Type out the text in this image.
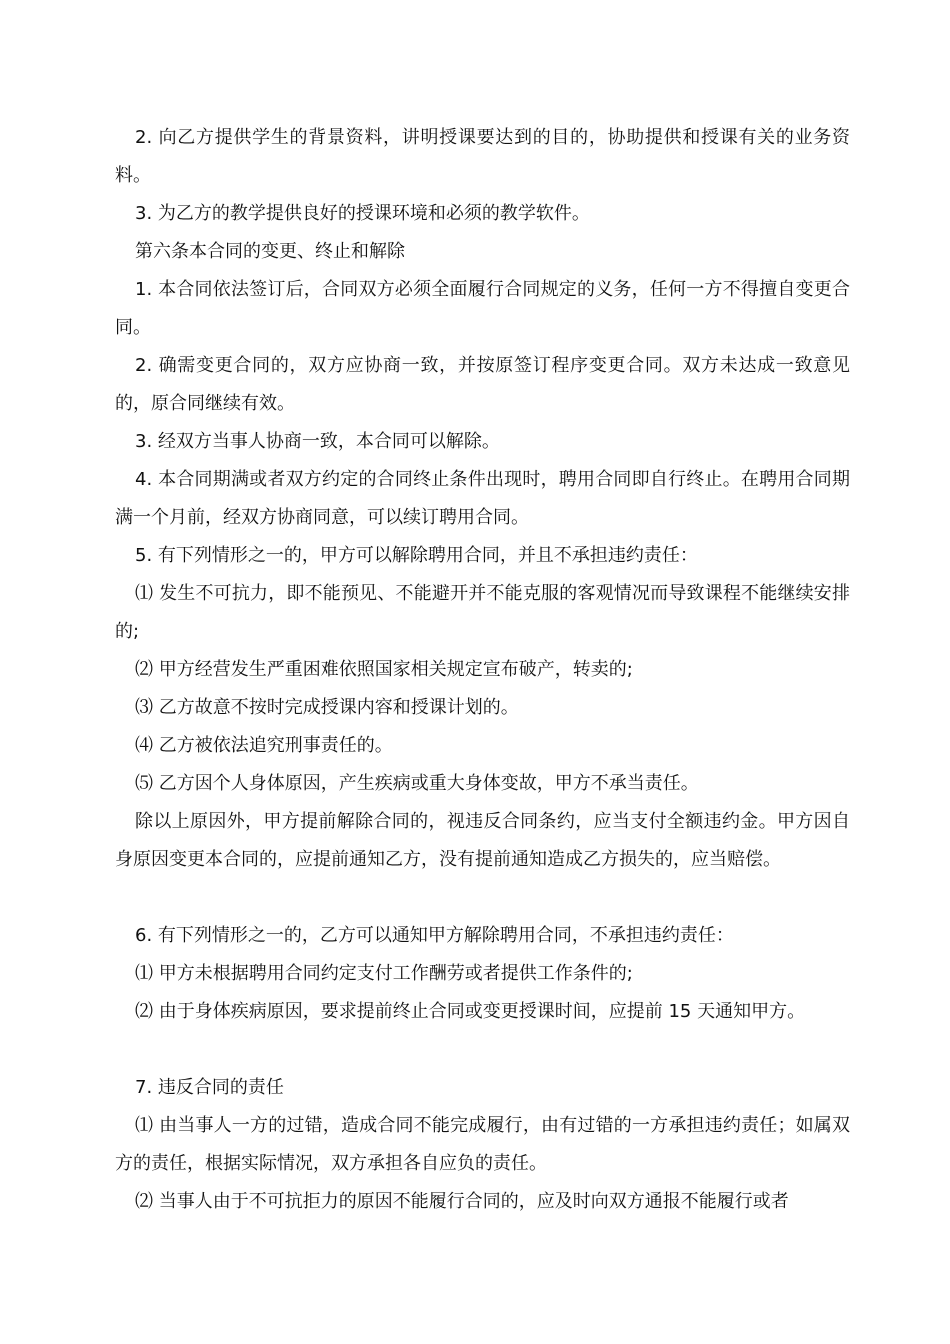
2. 向乙方提供学生的背景资料，讲明授课要达到的目的，协助提供和授课有关的业务资料。

3. 为乙方的教学提供良好的授课环境和必须的教学软件。

第六条本合同的变更、终止和解除

1. 本合同依法签订后，合同双方必须全面履行合同规定的义务，任何一方不得擅自变更合同。

2. 确需变更合同的，双方应协商一致，并按原签订程序变更合同。双方未达成一致意见的，原合同继续有效。

3. 经双方当事人协商一致，本合同可以解除。

4. 本合同期满或者双方约定的合同终止条件出现时，聘用合同即自行终止。在聘用合同期满一个月前，经双方协商同意，可以续订聘用合同。

5. 有下列情形之一的，甲方可以解除聘用合同，并且不承担违约责任：

⑴ 发生不可抗力，即不能预见、不能避开并不能克服的客观情况而导致课程不能继续安排的;

⑵ 甲方经营发生严重困难依照国家相关规定宣布破产，转卖的;

⑶ 乙方故意不按时完成授课内容和授课计划的。

⑷ 乙方被依法追究刑事责任的。

⑸ 乙方因个人身体原因，产生疾病或重大身体变故，甲方不承当责任。

除以上原因外，甲方提前解除合同的，视违反合同条约，应当支付全额违约金。甲方因自身原因变更本合同的，应提前通知乙方，没有提前通知造成乙方损失的，应当赔偿。

6. 有下列情形之一的，乙方可以通知甲方解除聘用合同，不承担违约责任：

⑴ 甲方未根据聘用合同约定支付工作酬劳或者提供工作条件的;

⑵ 由于身体疾病原因，要求提前终止合同或变更授课时间，应提前 15 天通知甲方。

7. 违反合同的责任

⑴ 由当事人一方的过错，造成合同不能完成履行，由有过错的一方承担违约责任；如属双方的责任，根据实际情况，双方承担各自应负的责任。

⑵ 当事人由于不可抗拒力的原因不能履行合同的，应及时向双方通报不能履行或者
